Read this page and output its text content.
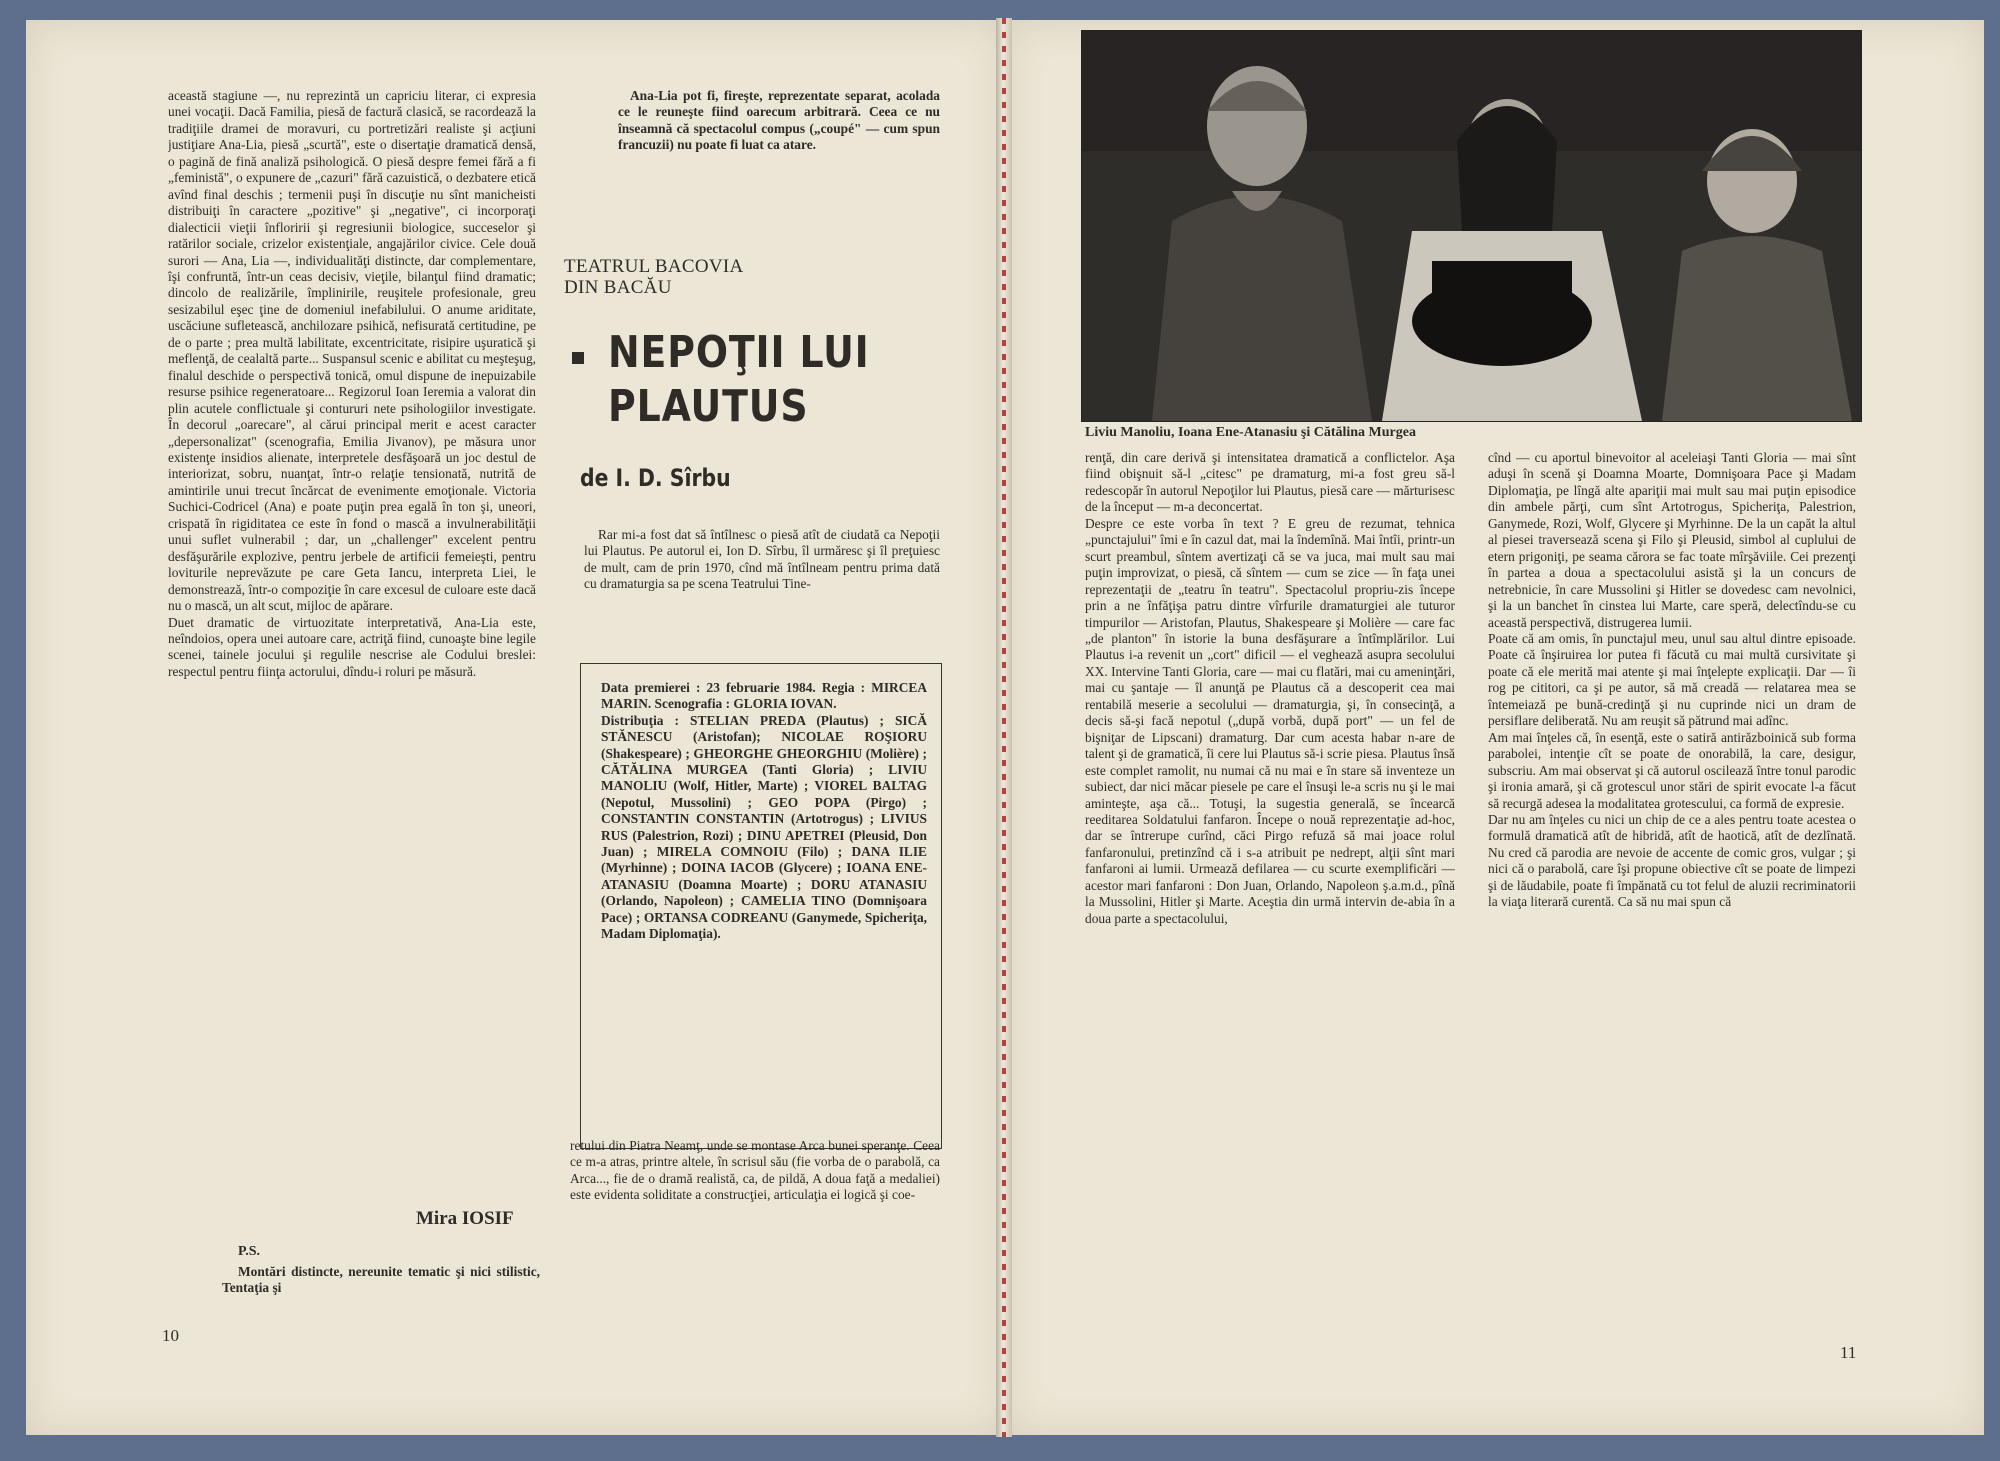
această stagiune —, nu reprezintă un capriciu literar, ci expresia unei vocaţii. Dacă Familia, piesă de factură clasică, se racordează la tradiţiile dramei de moravuri, cu portretizări realiste şi acţiuni justiţiare Ana-Lia, piesă „scurtă", este o disertaţie dramatică densă, o pagină de fină analiză psihologică. O piesă despre femei fără a fi „feministă", o expunere de „cazuri" fără cazuistică, o dezbatere etică avînd final deschis ; termenii puşi în discuţie nu sînt manicheisti distribuiţi în caractere „pozitive" şi „negative", ci incorporaţi dialecticii vieţii înfloririi şi regresiunii biologice, succeselor şi ratărilor sociale, crizelor existenţiale, angajărilor civice. Cele două surori — Ana, Lia —, individualităţi distincte, dar complementare, îşi confruntă, într-un ceas decisiv, vieţile, bilanţul fiind dramatic; dincolo de realizările, împlinirile, reuşitele profesionale, greu sesizabilul eşec ţine de domeniul inefabilului. O anume ariditate, uscăciune sufletească, anchilozare psihică, nefisurată certitudine, pe de o parte ; prea multă labilitate, excentricitate, risipire uşuratică şi meflenţă, de cealaltă parte... Suspansul scenic e abilitat cu meşteşug, finalul deschide o perspectivă tonică, omul dispune de inepuizabile resurse psihice regeneratoare... Regizorul Ioan Ieremia a valorat din plin acutele conflictuale şi contururi nete psihologiilor investigate. În decorul „oarecare", al cărui principal merit e acest caracter „depersonalizat" (scenografia, Emilia Jivanov), pe măsura unor existenţe insidios alienate, interpretele desfăşoară un joc destul de interiorizat, sobru, nuanţat, într-o relaţie tensionată, nutrită de amintirile unui trecut încărcat de evenimente emoţionale. Victoria Suchici-Codricel (Ana) e poate puţin prea egală în ton şi, uneori, crispată în rigiditatea ce este în fond o mască a invulnerabilităţii unui suflet vulnerabil ; dar, un „challenger" excelent pentru desfăşurările explozive, pentru jerbele de artificii femeieşti, pentru loviturile neprevăzute pe care Geta Iancu, interpreta Liei, le demonstrează, într-o compoziţie în care excesul de culoare este dacă nu o mască, un alt scut, mijloc de apărare.
Duet dramatic de virtuozitate interpretativă, Ana-Lia este, neîndoios, opera unei autoare care, actriţă fiind, cunoaşte bine legile scenei, tainele jocului şi regulile nescrise ale Codului breslei: respectul pentru fiinţa actorului, dîndu-i roluri pe măsură.
Mira IOSIF
P.S.
Montări distincte, nereunite tematic şi nici stilistic, Tentaţia şi
10
Ana-Lia pot fi, fireşte, reprezentate separat, acolada ce le reuneşte fiind oarecum arbitrară. Ceea ce nu înseamnă că spectacolul compus („coupé" — cum spun francuzii) nu poate fi luat ca atare.
TEATRUL BACOVIA
DIN BACĂU
NEPOŢII LUI
PLAUTUS
de I. D. Sîrbu
Rar mi-a fost dat să întîlnesc o piesă atît de ciudată ca Nepoţii lui Plautus. Pe autorul ei, Ion D. Sîrbu, îl urmăresc şi îl preţuiesc de mult, cam de prin 1970, cînd mă întîlneam pentru prima dată cu dramaturgia sa pe scena Teatrului Tine-
Data premierei : 23 februarie 1984. Regia : MIRCEA MARIN. Scenografia : GLORIA IOVAN.
Distribuţia : STELIAN PREDA (Plautus) ; SICĂ STĂNESCU (Aristofan); NICOLAE ROŞIORU (Shakespeare) ; GHEORGHE GHEORGHIU (Molière) ; CĂTĂLINA MURGEA (Tanti Gloria) ; LIVIU MANOLIU (Wolf, Hitler, Marte) ; VIOREL BALTAG (Nepotul, Mussolini) ; GEO POPA (Pirgo) ; CONSTANTIN CONSTANTIN (Artotrogus) ; LIVIUS RUS (Palestrion, Rozi) ; DINU APETREI (Pleusid, Don Juan) ; MIRELA COMNOIU (Filo) ; DANA ILIE (Myrhinne) ; DOINA IACOB (Glycere) ; IOANA ENE-ATANASIU (Doamna Moarte) ; DORU ATANASIU (Orlando, Napoleon) ; CAMELIA TINO (Domnişoara Pace) ; ORTANSA CODREANU (Ganymede, Spicheriţa, Madam Diplomaţia).
retului din Piatra Neamţ, unde se montase Arca bunei speranţe. Ceea ce m-a atras, printre altele, în scrisul său (fie vorba de o parabolă, ca Arca..., fie de o dramă realistă, ca, de pildă, A doua faţă a medaliei) este evidenta soliditate a construcţiei, articulaţia ei logică şi coe-
Liviu Manoliu, Ioana Ene-Atanasiu şi Cătălina Murgea
renţă, din care derivă şi intensitatea dramatică a conflictelor. Aşa fiind obişnuit să-l „citesc" pe dramaturg, mi-a fost greu să-l redescopăr în autorul Nepoţilor lui Plautus, piesă care — mărturisesc de la început — m-a deconcertat.
Despre ce este vorba în text ? E greu de rezumat, tehnica „punctajului" îmi e în cazul dat, mai la îndemînă. Mai întîi, printr-un scurt preambul, sîntem avertizaţi că se va juca, mai mult sau mai puţin improvizat, o piesă, că sîntem — cum se zice — în faţa unei reprezentaţii de „teatru în teatru". Spectacolul propriu-zis începe prin a ne înfăţişa patru dintre vîrfurile dramaturgiei ale tuturor timpurilor — Aristofan, Plautus, Shakespeare şi Molière — care fac „de planton" în istorie la buna desfăşurare a întîmplărilor. Lui Plautus i-a revenit un „cort" dificil — el veghează asupra secolului XX. Intervine Tanti Gloria, care — mai cu flatări, mai cu ameninţări, mai cu şantaje — îl anunţă pe Plautus că a descoperit cea mai rentabilă meserie a secolului — dramaturgia, şi, în consecinţă, a decis să-şi facă nepotul („după vorbă, după port" — un fel de bişniţar de Lipscani) dramaturg. Dar cum acesta habar n-are de talent şi de gramatică, îi cere lui Plautus să-i scrie piesa. Plautus însă este complet ramolit, nu numai că nu mai e în stare să inventeze un subiect, dar nici măcar piesele pe care el însuşi le-a scris nu şi le mai aminteşte, aşa că... Totuşi, la sugestia generală, se încearcă reeditarea Soldatului fanfaron. Începe o nouă reprezentaţie ad-hoc, dar se întrerupe curînd, căci Pirgo refuză să mai joace rolul fanfaronului, pretinzînd că i s-a atribuit pe nedrept, alţii sînt mari fanfaroni ai lumii. Urmează defilarea — cu scurte exemplificări — acestor mari fanfaroni : Don Juan, Orlando, Napoleon ş.a.m.d., pînă la Mussolini, Hitler şi Marte. Aceştia din urmă intervin de-abia în a doua parte a spectacolului,
cînd — cu aportul binevoitor al aceleiaşi Tanti Gloria — mai sînt aduşi în scenă şi Doamna Moarte, Domnişoara Pace şi Madam Diplomaţia, pe lîngă alte apariţii mai mult sau mai puţin episodice din ambele părţi, cum sînt Artotrogus, Spicheriţa, Palestrion, Ganymede, Rozi, Wolf, Glycere şi Myrhinne. De la un capăt la altul al piesei traversează scena şi Filo şi Pleusid, simbol al cuplului de etern prigoniţi, pe seama cărora se fac toate mîrşăviile. Cei prezenţi în partea a doua a spectacolului asistă şi la un concurs de netrebnicie, în care Mussolini şi Hitler se dovedesc cam nevolnici, şi la un banchet în cinstea lui Marte, care speră, delectîndu-se cu această perspectivă, distrugerea lumii.
Poate că am omis, în punctajul meu, unul sau altul dintre episoade. Poate că înşiruirea lor putea fi făcută cu mai multă cursivitate şi poate că ele merită mai atente şi mai înţelepte explicaţii. Dar — îi rog pe cititori, ca şi pe autor, să mă creadă — relatarea mea se întemeiază pe bună-credinţă şi nu cuprinde nici un dram de persiflare deliberată. Nu am reuşit să pătrund mai adînc.
Am mai înţeles că, în esenţă, este o satiră antirăzboinică sub forma parabolei, intenţie cît se poate de onorabilă, la care, desigur, subscriu. Am mai observat şi că autorul oscilează între tonul parodic şi ironia amară, şi că grotescul unor stări de spirit evocate l-a făcut să recurgă adesea la modalitatea grotescului, ca formă de expresie.
Dar nu am înţeles cu nici un chip de ce a ales pentru toate acestea o formulă dramatică atît de hibridă, atît de haotică, atît de dezlînată. Nu cred că parodia are nevoie de accente de comic gros, vulgar ; şi nici că o parabolă, care îşi propune obiective cît se poate de limpezi şi de lăudabile, poate fi împănată cu tot felul de aluzii recriminatorii la viaţa literară curentă. Ca să nu mai spun că
11
